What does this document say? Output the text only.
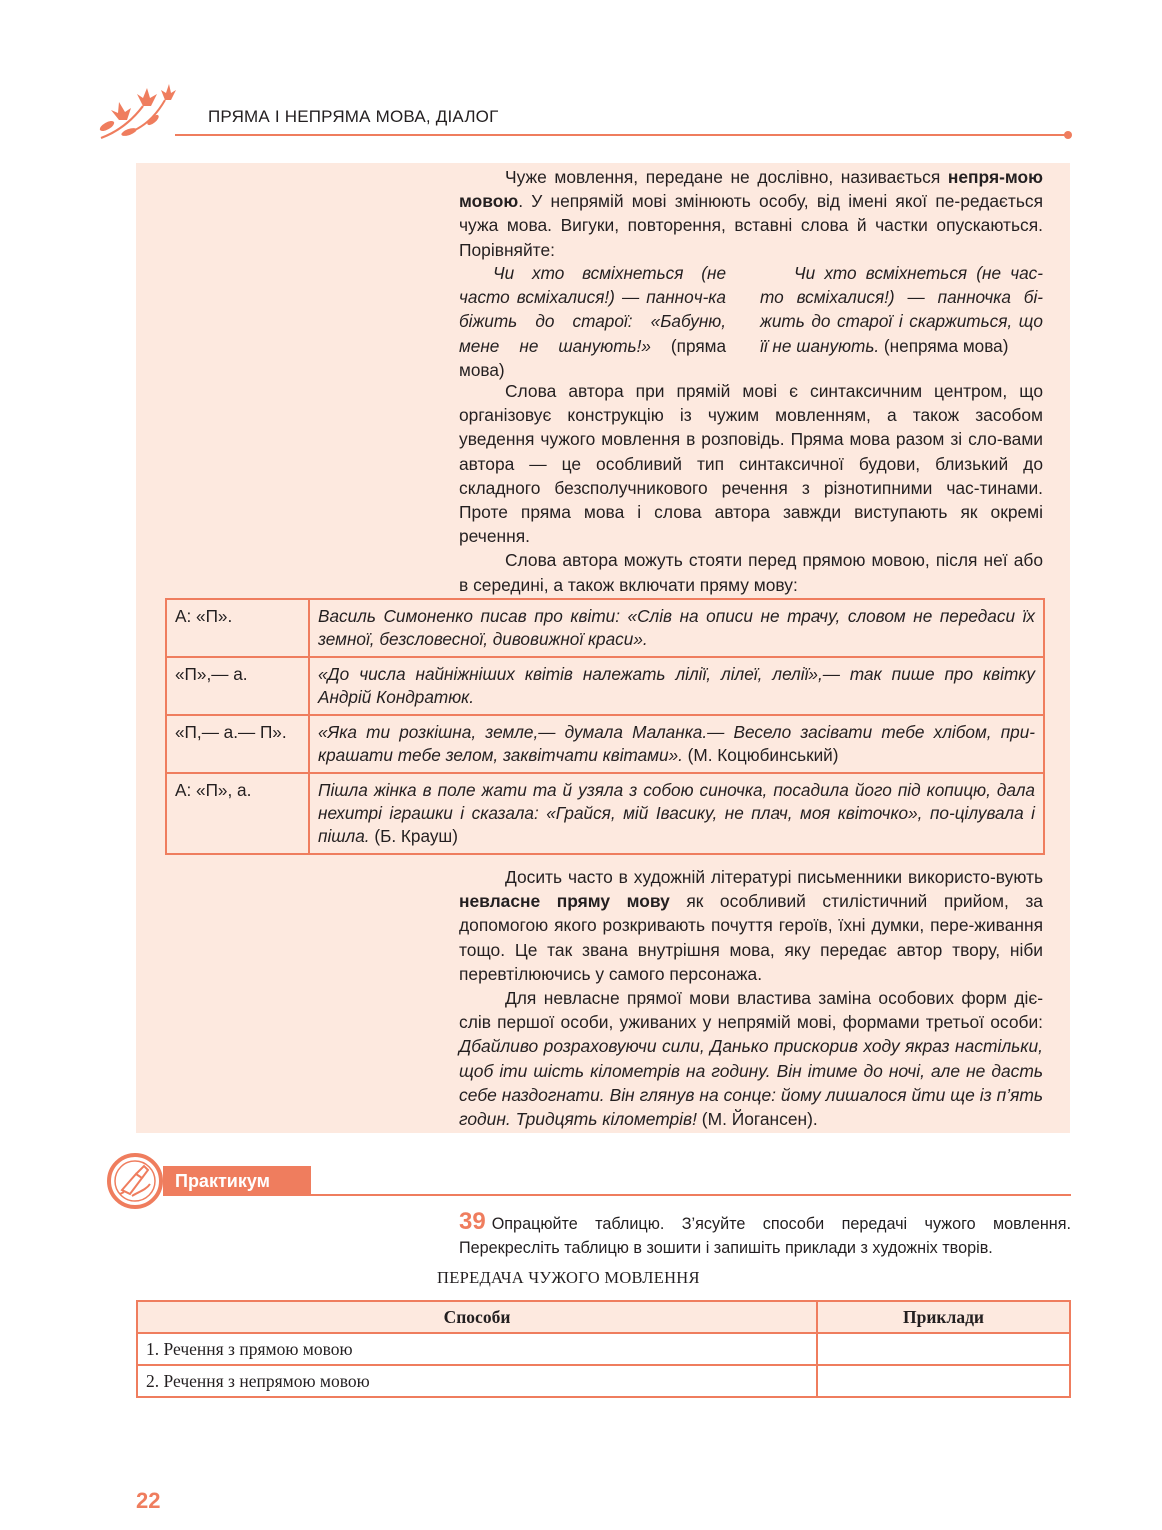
ПРЯМА І НЕПРЯМА МОВА, ДІАЛОГ

Чуже мовлення, передане не дослівно, називається непря-мою мовою. У непрямій мові змінюють особу, від імені якої пе-редається чужа мова. Вигуки, повторення, вставні слова й частки опускаються. Порівняйте:

Чи хто всміхнеться (не часто всміхалися!) — паннoч-ка біжить до старої: «Бабуню, мене не шанують!» (пряма мова)
Чи хто всміхнеться (не час-то всміхалися!) — панночка бі-жить до старої і скаржиться, що її не шанують. (непряма мова)

Слова автора при прямій мові є синтаксичним центром, що організовує конструкцію із чужим мовленням, а також засобом уведення чужого мовлення в розповідь. Пряма мова разом зі сло-вами автора — це особливий тип синтаксичної будови, близький до складного безсполучникового речення з різнотипними час-тинами. Проте пряма мова і слова автора завжди виступають як окремі речення.

Слова автора можуть стояти перед прямою мовою, після неї або в середині, а також включати пряму мову:

А: «П».	Василь Симоненко писав про квіти: «Слів на описи не трачу, словом не передаси їх земної, безсловесної, дивовижної краси».
«П»,— а.	«До числа найніжніших квітів належать лілії, лілеї, лелії»,— так пише про квітку Андрій Кондратюк.
«П,— а.— П».	«Яка ти розкішна, земле,— думала Маланка.— Весело засівати тебе хлібом, при-крашати тебе зелом, заквітчати квітами». (М. Коцюбинський)
А: «П», а.	Пішла жінка в поле жати та й узяла з собою синочка, посадила його під копицю, дала нехитрі іграшки і сказала: «Грайся, мій Івасику, не плач, моя квіточко», по-цілувала і пішла. (Б. Крауш)

Досить часто в художній літературі письменники використо-вують невласне пряму мову як особливий стилістичний прийом, за допомогою якого розкривають почуття героїв, їхні думки, пере-живання тощо. Це так звана внутрішня мова, яку передає автор твору, ніби перевтілюючись у самого персонажа.

Для невласне прямої мови властива заміна особових форм діє-слів першої особи, уживаних у непрямій мові, формами третьої особи: Дбайливо розраховуючи сили, Данько прискорив ходу якраз настільки, щоб іти шість кілометрів на годину. Він ітиме до ночі, але не дасть себе наздогнати. Він глянув на сонце: йому лишалося йти ще із п’ять годин. Тридцять кілометрів! (М. Йогансен).

Практикум
39 Опрацюйте таблицю. З’ясуйте способи передачі чужого мовлення. Перекресліть таблицю в зошити і запишіть приклади з художніх творів.
ПЕРЕДАЧА ЧУЖОГО МОВЛЕННЯ
Способи	Приклади
1. Речення з прямою мовою	
2. Речення з непрямою мовою	
22
